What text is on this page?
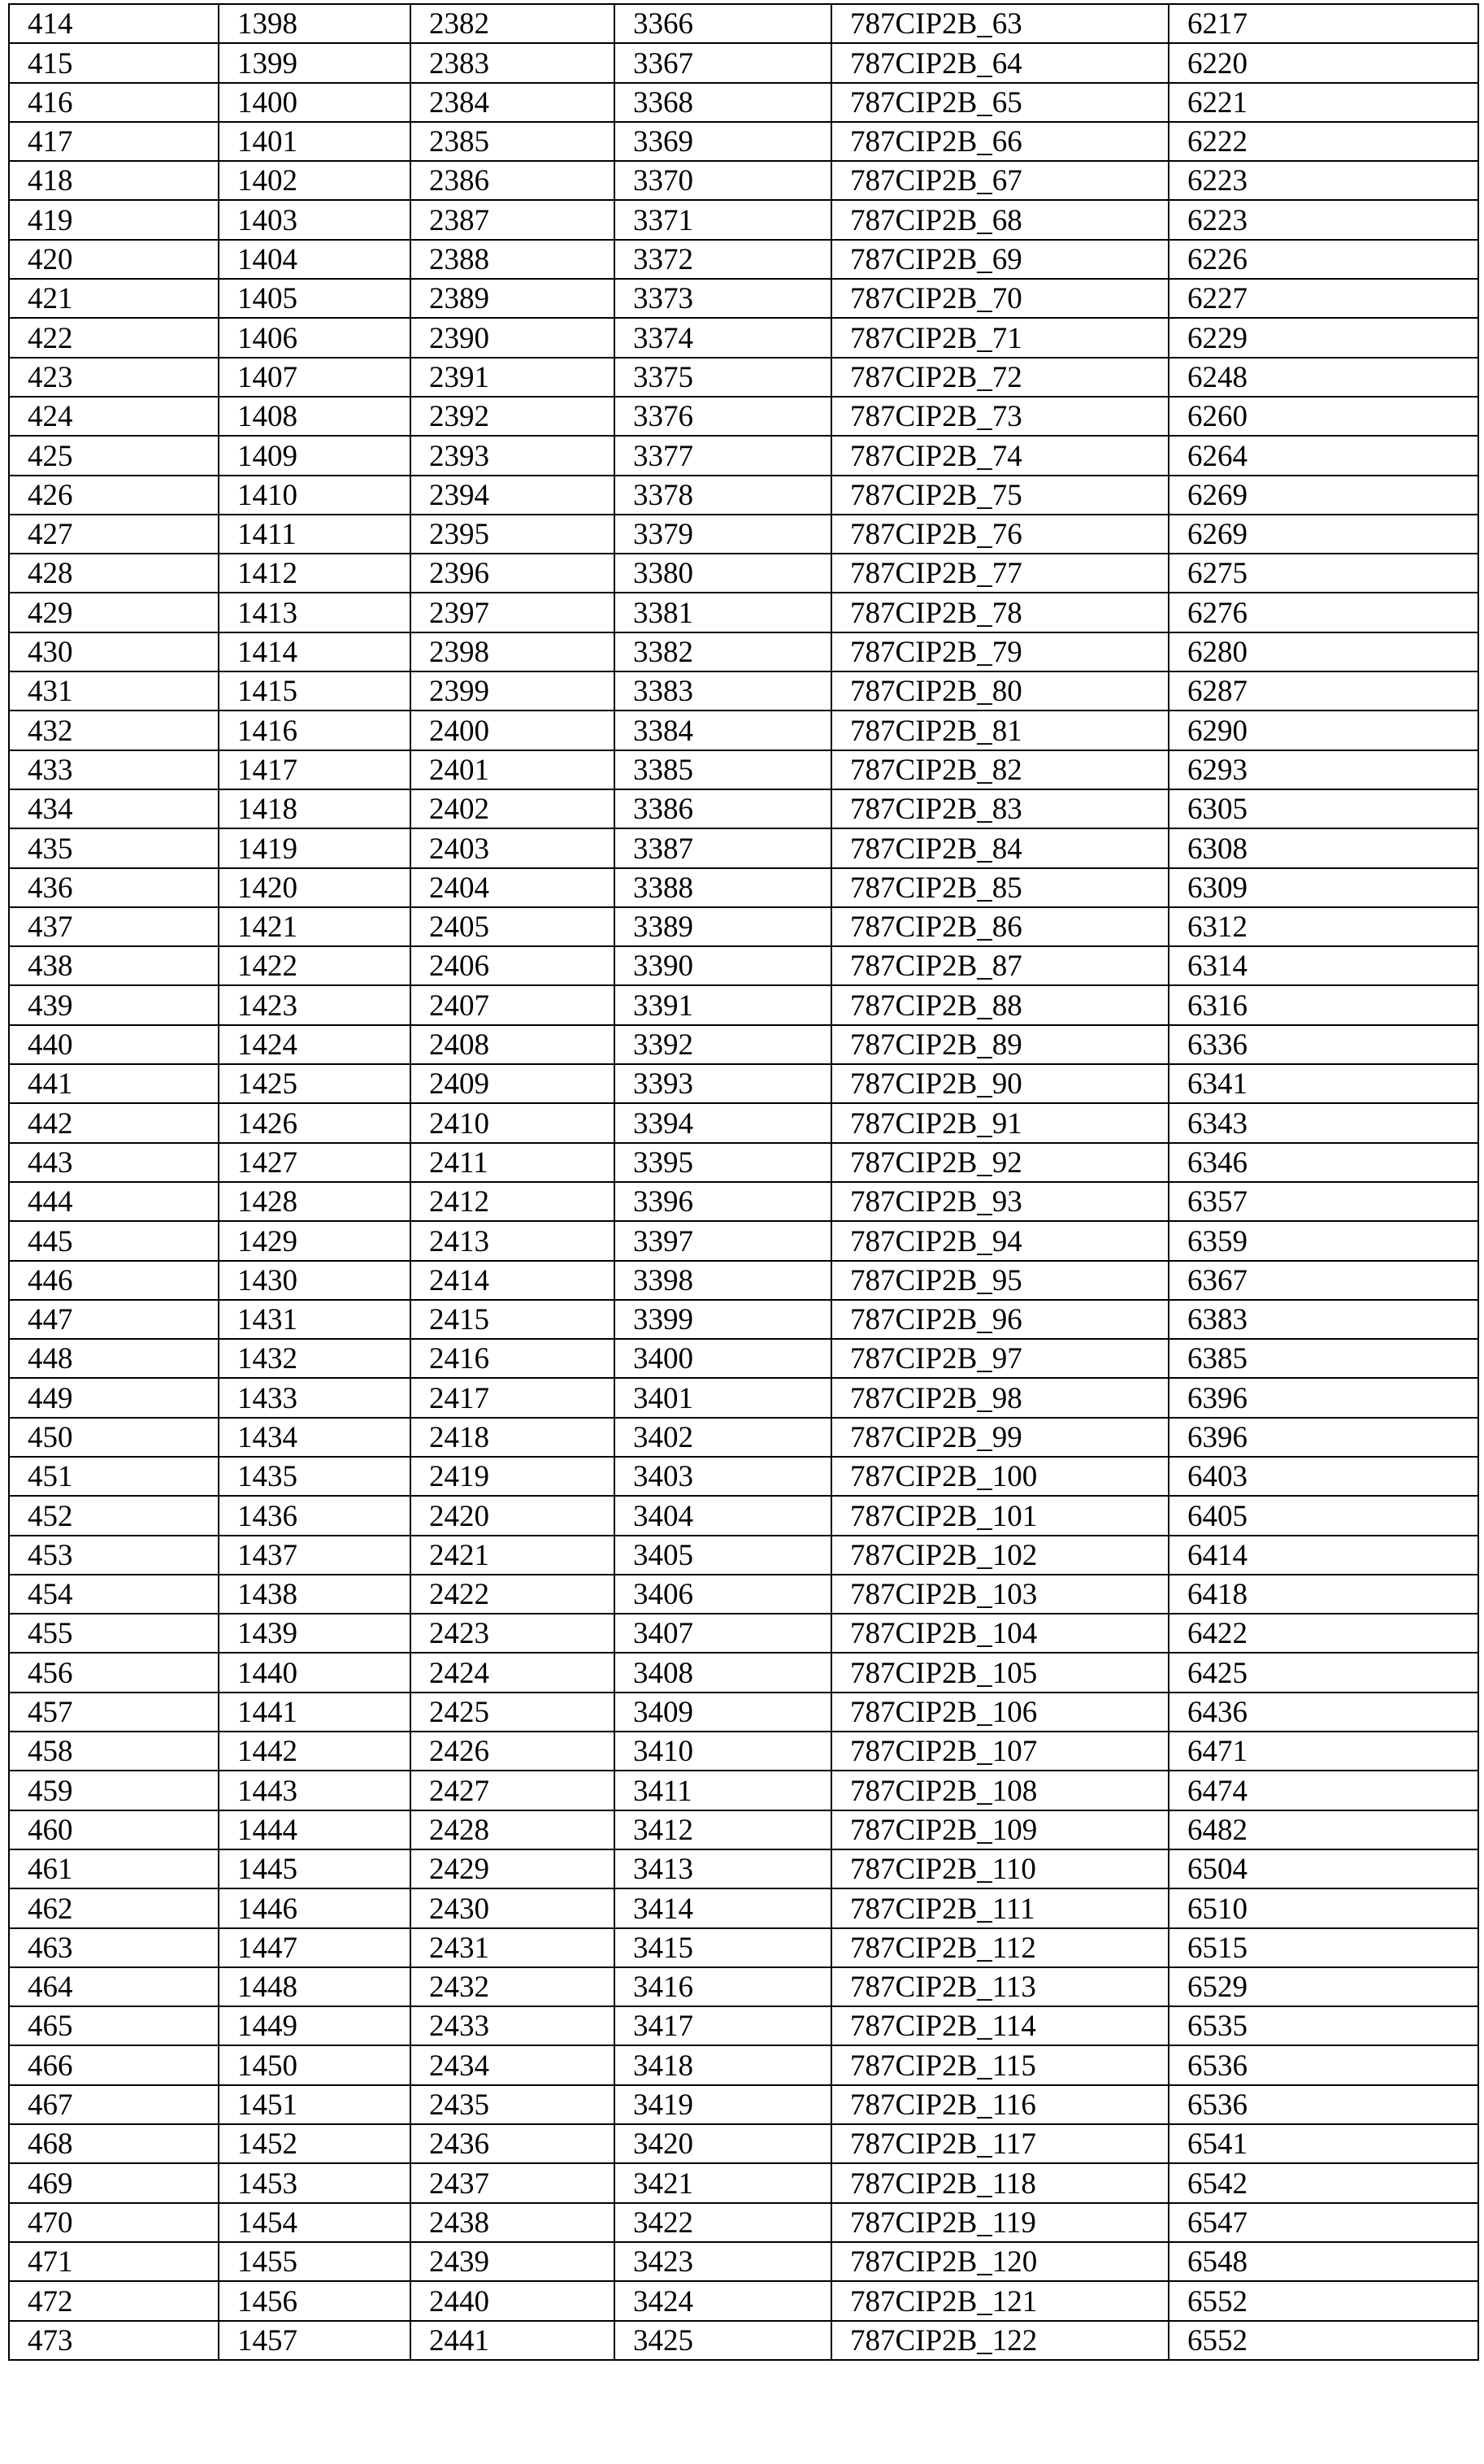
414	1398	2382	3366	787CIP2B_63	6217
415	1399	2383	3367	787CIP2B_64	6220
416	1400	2384	3368	787CIP2B_65	6221
417	1401	2385	3369	787CIP2B_66	6222
418	1402	2386	3370	787CIP2B_67	6223
419	1403	2387	3371	787CIP2B_68	6223
420	1404	2388	3372	787CIP2B_69	6226
421	1405	2389	3373	787CIP2B_70	6227
422	1406	2390	3374	787CIP2B_71	6229
423	1407	2391	3375	787CIP2B_72	6248
424	1408	2392	3376	787CIP2B_73	6260
425	1409	2393	3377	787CIP2B_74	6264
426	1410	2394	3378	787CIP2B_75	6269
427	1411	2395	3379	787CIP2B_76	6269
428	1412	2396	3380	787CIP2B_77	6275
429	1413	2397	3381	787CIP2B_78	6276
430	1414	2398	3382	787CIP2B_79	6280
431	1415	2399	3383	787CIP2B_80	6287
432	1416	2400	3384	787CIP2B_81	6290
433	1417	2401	3385	787CIP2B_82	6293
434	1418	2402	3386	787CIP2B_83	6305
435	1419	2403	3387	787CIP2B_84	6308
436	1420	2404	3388	787CIP2B_85	6309
437	1421	2405	3389	787CIP2B_86	6312
438	1422	2406	3390	787CIP2B_87	6314
439	1423	2407	3391	787CIP2B_88	6316
440	1424	2408	3392	787CIP2B_89	6336
441	1425	2409	3393	787CIP2B_90	6341
442	1426	2410	3394	787CIP2B_91	6343
443	1427	2411	3395	787CIP2B_92	6346
444	1428	2412	3396	787CIP2B_93	6357
445	1429	2413	3397	787CIP2B_94	6359
446	1430	2414	3398	787CIP2B_95	6367
447	1431	2415	3399	787CIP2B_96	6383
448	1432	2416	3400	787CIP2B_97	6385
449	1433	2417	3401	787CIP2B_98	6396
450	1434	2418	3402	787CIP2B_99	6396
451	1435	2419	3403	787CIP2B_100	6403
452	1436	2420	3404	787CIP2B_101	6405
453	1437	2421	3405	787CIP2B_102	6414
454	1438	2422	3406	787CIP2B_103	6418
455	1439	2423	3407	787CIP2B_104	6422
456	1440	2424	3408	787CIP2B_105	6425
457	1441	2425	3409	787CIP2B_106	6436
458	1442	2426	3410	787CIP2B_107	6471
459	1443	2427	3411	787CIP2B_108	6474
460	1444	2428	3412	787CIP2B_109	6482
461	1445	2429	3413	787CIP2B_110	6504
462	1446	2430	3414	787CIP2B_111	6510
463	1447	2431	3415	787CIP2B_112	6515
464	1448	2432	3416	787CIP2B_113	6529
465	1449	2433	3417	787CIP2B_114	6535
466	1450	2434	3418	787CIP2B_115	6536
467	1451	2435	3419	787CIP2B_116	6536
468	1452	2436	3420	787CIP2B_117	6541
469	1453	2437	3421	787CIP2B_118	6542
470	1454	2438	3422	787CIP2B_119	6547
471	1455	2439	3423	787CIP2B_120	6548
472	1456	2440	3424	787CIP2B_121	6552
473	1457	2441	3425	787CIP2B_122	6552
